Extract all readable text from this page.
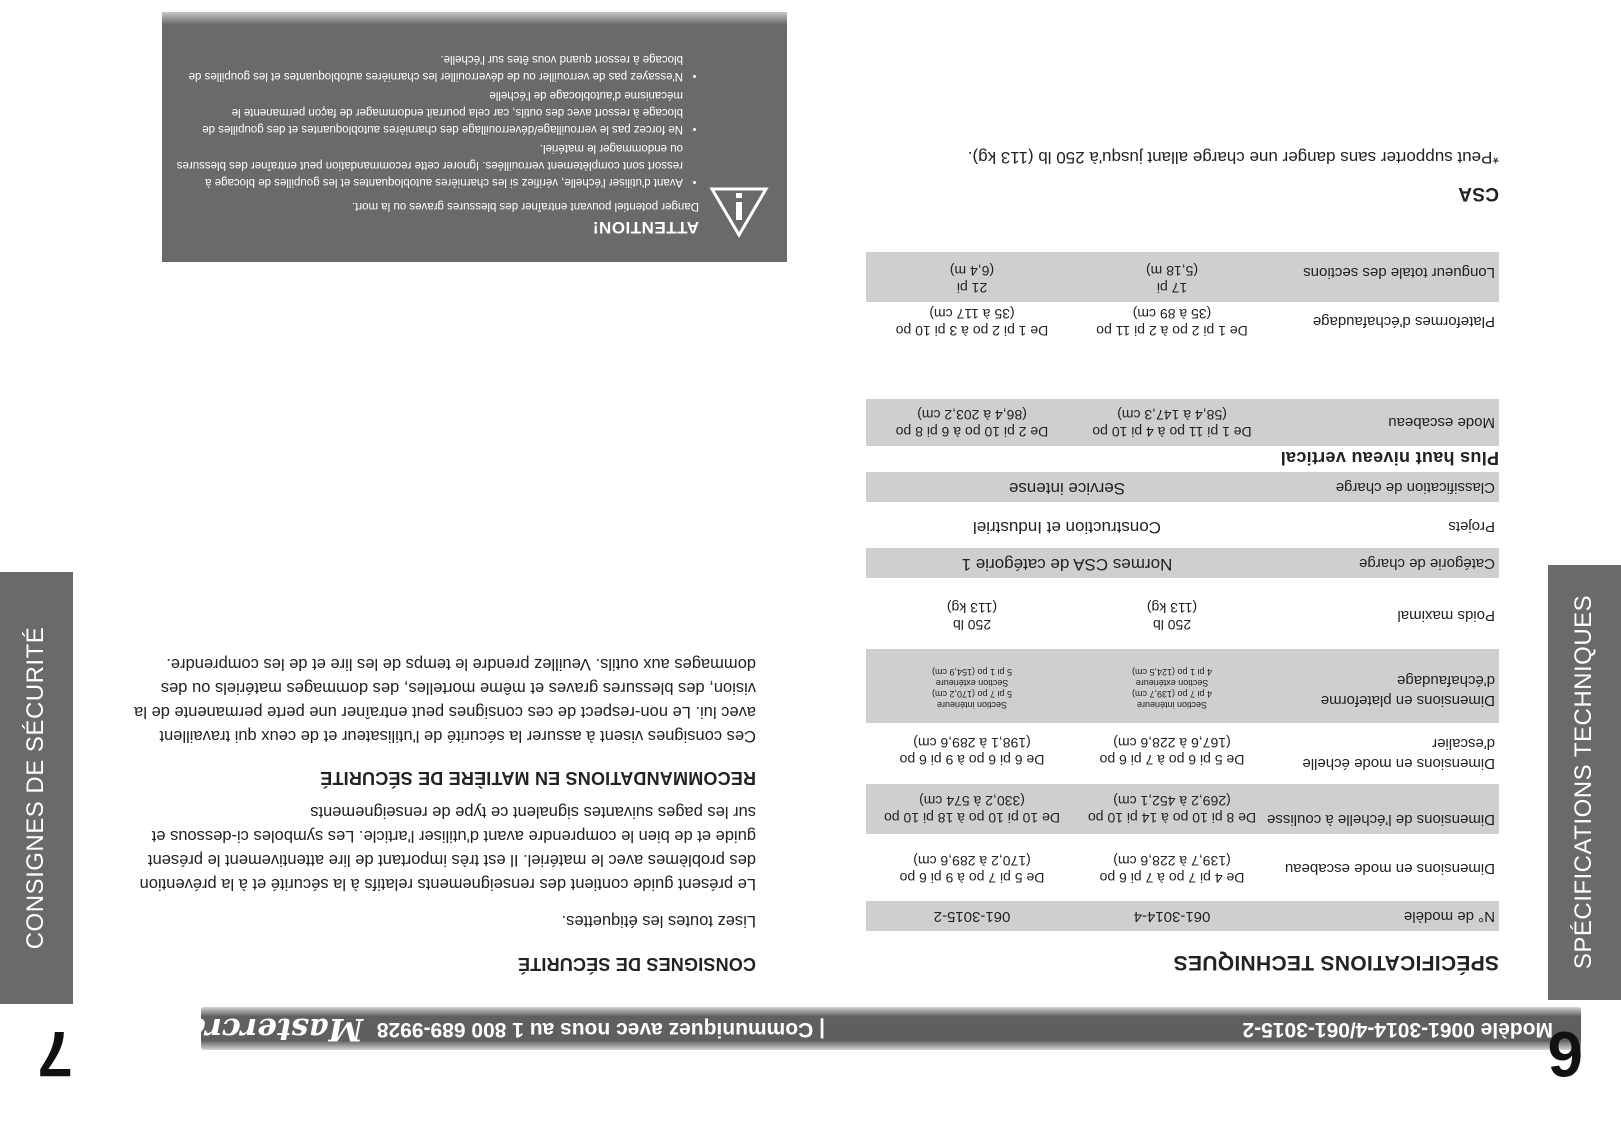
Modèle 0061-3014-4/061-3015-2
| Communiquez avec nous au 1 800 689-9928
Mastercraft®	6
7
SPÉCIFICATIONS TECHNIQUES
CONSIGNES DE SÉCURITÉ
SPÉCIFICATIONS TECHNIQUES
N° de modèle
061-3014-4
061-3015-2
Dimensions en mode escabeau
De 4 pi 7 po à 7 pi 6 po
(139,7 à 228,6 cm)
De 5 pi 7 po à 9 pi 6 po
(170,2 à 289,6 cm)
Dimensions de l'échelle à coulisse
De 8 pi 10 po à 14 pi 10 po
(269,2 à 452,1 cm)
De 10 pi 10 po à 18 pi 10 po
(330,2 à 574 cm)
Dimensions en mode échelle d'escalier
De 5 pi 6 po à 7 pi 6 po
(167,6 à 228,6 cm)
De 6 pi 6 po à 9 pi 6 po
(198,1 à 289,6 cm)
Dimensions en plateforme d'échafaudage
Section intérieure
4 pi 7 po (139,7 cm)
Section extérieure
4 pi 1 po (124,5 cm)
Section intérieure
5 pi 7 po (170,2 cm)
Section extérieure
5 pi 1 po (154,9 cm)
Poids maximal
250 lb
(113 kg)
250 lb
(113 kg)
Catégorie de charge
Normes CSA de catégorie 1
Projets
Construction et Industriel
Classification de charge
Service intense
Plus haut niveau vertical
Mode escabeau
De 1 pi 11 po à 4 pi 10 po
(58,4 à 147,3 cm)
De 2 pi 10 po à 6 pi 8 po
(86,4 à 203,2 cm)
Plateformes d'échafaudage
De 1 pi 2 po à 2 pi 11 po
(35 à 89 cm)
De 1 pi 2 po à 3 pi 10 po
(35 à 117 cm)
Longueur totale des sections
17 pi
(5,18 m)
21 pi
(6,4 m)
CSA
*Peut supporter sans danger une charge allant jusqu'à 250 lb (113 kg).
CONSIGNES DE SÉCURITÉ
Lisez toutes les étiquettes.
Le présent guide contient des renseignements relatifs à la sécurité et à la prévention des problèmes avec le matériel. Il est très important de lire attentivement le présent guide et de bien le comprendre avant d'utiliser l'article. Les symboles ci-dessous et sur les pages suivantes signalent ce type de renseignements
RECOMMANDATIONS EN MATIÈRE DE SÉCURITÉ
Ces consignes visent à assurer la sécurité de l'utilisateur et de ceux qui travaillent avec lui. Le non-respect de ces consignes peut entraîner une perte permanente de la vision, des blessures graves et même mortelles, des dommages matériels ou des dommages aux outils. Veuillez prendre le temps de les lire et de les comprendre.
ATTENTION!
Danger potentiel pouvant entraîner des blessures graves ou la mort.
• Avant d'utiliser l'échelle, vérifiez si les charnières autobloquantes et les goupilles de blocage à ressort sont complètement verrouillées. Ignorer cette recommandation peut entraîner des blessures ou endommager le matériel.
• Ne forcez pas le verrouillage/déverrouillage des charnières autobloquantes et des goupilles de blocage à ressort avec des outils, car cela pourrait endommager de façon permanente le mécanisme d'autoblocage de l'échelle
• N'essayez pas de verrouiller ou de déverrouiller les charnières autobloquantes et les goupilles de blocage à ressort quand vous êtes sur l'échelle.
